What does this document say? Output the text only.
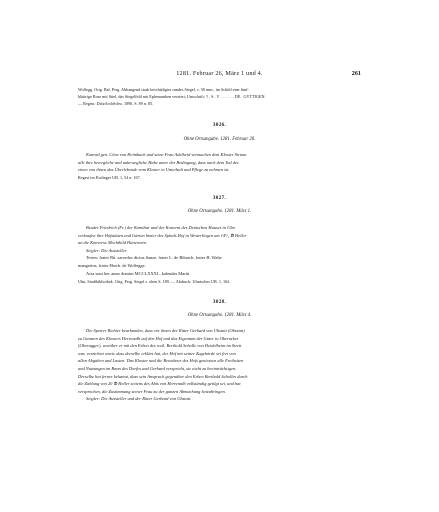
1281. Februar 26, März 1 und 4.	261
Wolfegg. Orig. Bal. Perg. Abhangend stark beschädigtes rundes Siegel, c. 50 mm., im Schild eine fünf-
blättrige Rose mit Stiel, das Siegelfeld mit Ephenranken verziert; Umschrift: † . S . V . . . . . . . DE . GVTTIGEN.
— Regest: DiözArchSchw. 1890, S. 89 n. 85.
3026.
Ohne Ortsangabe. 1281. Februar 26.
Konrad gen. Cöne von Heimbach und seine Frau Adelheid vermachen dem Kloster Sirnau
alle ihre bewegliche und unbewegliche Habe unter der Bedingung, dass nach dem Tod des
einen von ihnen das Überlebende vom Kloster in Unterhalt und Pflege zu nehmen ist.
Regest im Esslinger UB. 1, 54 n. 167.
3027.
Ohne Ortsangabe. 1281. März 1.
Bruder Friedrich (Fr.) der Komthur und der Konvent des Deutschen Hauses in Ulm
verkaufen ihre Hofstätten und Gärten hinter des Spitals Hof in Westerlingen um 14¹/₂ ℔ Heller
an die Konverse Mechthild Hünerarin.
Siegler: Die Aussteller.
Testes: frater Rů. sacerdos dictus Sanze, frater L. de Bibrach, frater H. Wahr-
mangerius, frater Eberh. de Wolfegge.
Acta sunt hec anno domini MCCLXXXI., kalendas Martii.
Ulm, Stadtbibliothek. Orig. Perg. Siegel s. oben S. 189. — Abdruck: Ulmisches UB. 1, 162.
3028.
Ohne Ortsangabe. 1281. März 4.
Die Speirer Richter beurkunden, dass vor ihnen der Ritter Gerhard von Ubstatt (Obestat)
zu Gunsten des Klosters Herrenalb auf den Hof und das Eigentum der Güter in Oberacker
(Oberagger), worüber er mit den Erben des weil. Berthold Scholle von Heidelheim im Streit
war, verzichtet sowie dass derselbe erklärt hat, der Hof mit seiner Zugehörde sei frei von
allen Abgaben und Lasten. Das Kloster und die Bewohner des Hofs geniessen alle Freiheiten
und Nutzungen im Bann des Dorfes und Gerhard verspricht, sie nicht zu beeinträchtigen.
Derselbe hat ferner bekannt, dass sein Anspruch gegenüber den Erben Berthold Scholles durch
die Zahlung von 20 ℔ Heller seitens des Abts von Herrenalb vollständig getilgt sei, und hat
versprochen, die Zustimmung seiner Frau zu der ganzen Abmachung beizubringen.
Siegler: Die Aussteller und der Ritter Gerhard von Ubstatt.
